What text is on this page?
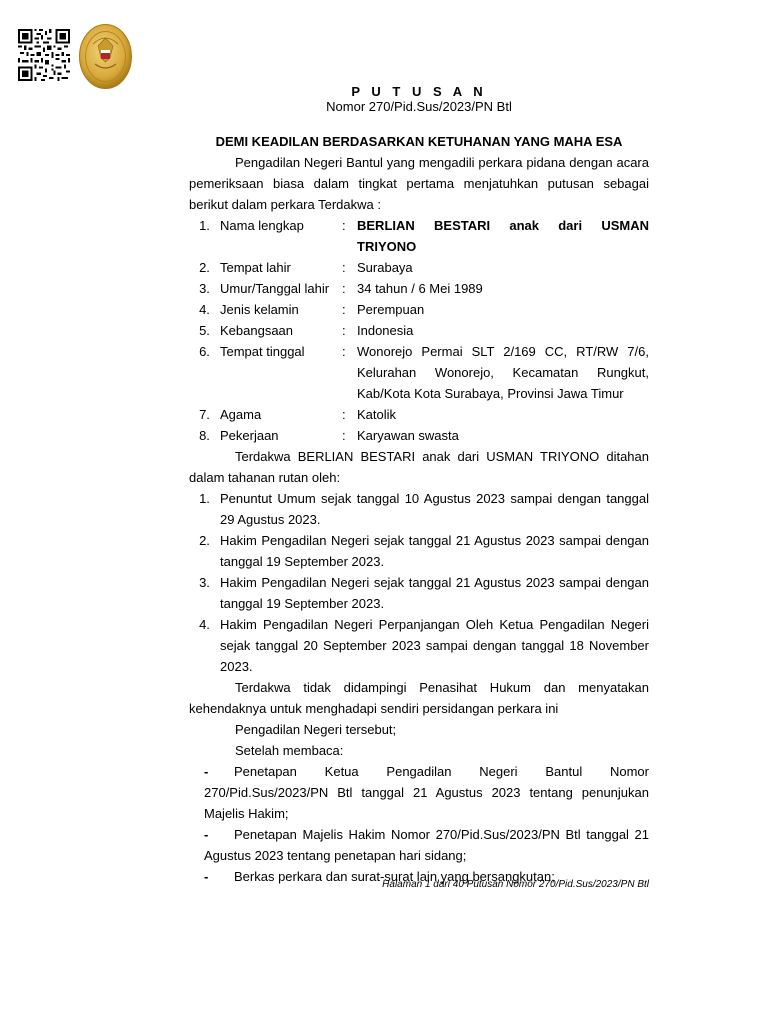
P U T U S A N
Nomor 270/Pid.Sus/2023/PN Btl
DEMI KEADILAN BERDASARKAN KETUHANAN YANG MAHA ESA

Pengadilan Negeri Bantul yang mengadili perkara pidana dengan acara pemeriksaan biasa dalam tingkat pertama menjatuhkan putusan sebagai berikut dalam perkara Terdakwa :

1. Nama lengkap	: BERLIAN BESTARI anak dari USMAN TRIYONO
2. Tempat lahir	: Surabaya
3. Umur/Tanggal lahir : 34 tahun / 6 Mei 1989
4. Jenis kelamin	: Perempuan
5. Kebangsaan	: Indonesia
6. Tempat tinggal	: Wonorejo Permai SLT 2/169 CC, RT/RW 7/6, Kelurahan Wonorejo, Kecamatan Rungkut, Kab/Kota Kota Surabaya, Provinsi Jawa Timur
7. Agama	: Katolik
8. Pekerjaan	: Karyawan swasta

Terdakwa BERLIAN BESTARI anak dari USMAN TRIYONO ditahan dalam tahanan rutan oleh:

1. Penuntut Umum sejak tanggal 10 Agustus 2023 sampai dengan tanggal 29 Agustus 2023.
2. Hakim Pengadilan Negeri sejak tanggal 21 Agustus 2023 sampai dengan tanggal 19 September 2023.
3. Hakim Pengadilan Negeri sejak tanggal 21 Agustus 2023 sampai dengan tanggal 19 September 2023.
4. Hakim Pengadilan Negeri Perpanjangan Oleh Ketua Pengadilan Negeri sejak tanggal 20 September 2023 sampai dengan tanggal 18 November 2023.

Terdakwa tidak didampingi Penasihat Hukum dan menyatakan kehendaknya untuk menghadapi sendiri persidangan perkara ini

Pengadilan Negeri tersebut;

Setelah membaca:

-	Penetapan Ketua Pengadilan Negeri Bantul Nomor 270/Pid.Sus/2023/PN Btl tanggal 21 Agustus 2023 tentang penunjukan Majelis Hakim;

-	Penetapan Majelis Hakim Nomor 270/Pid.Sus/2023/PN Btl tanggal 21 Agustus 2023 tentang penetapan hari sidang;

-	Berkas perkara dan surat-surat lain yang bersangkutan;

Halaman 1 dari 40 Putusan Nomor 270/Pid.Sus/2023/PN Btl
